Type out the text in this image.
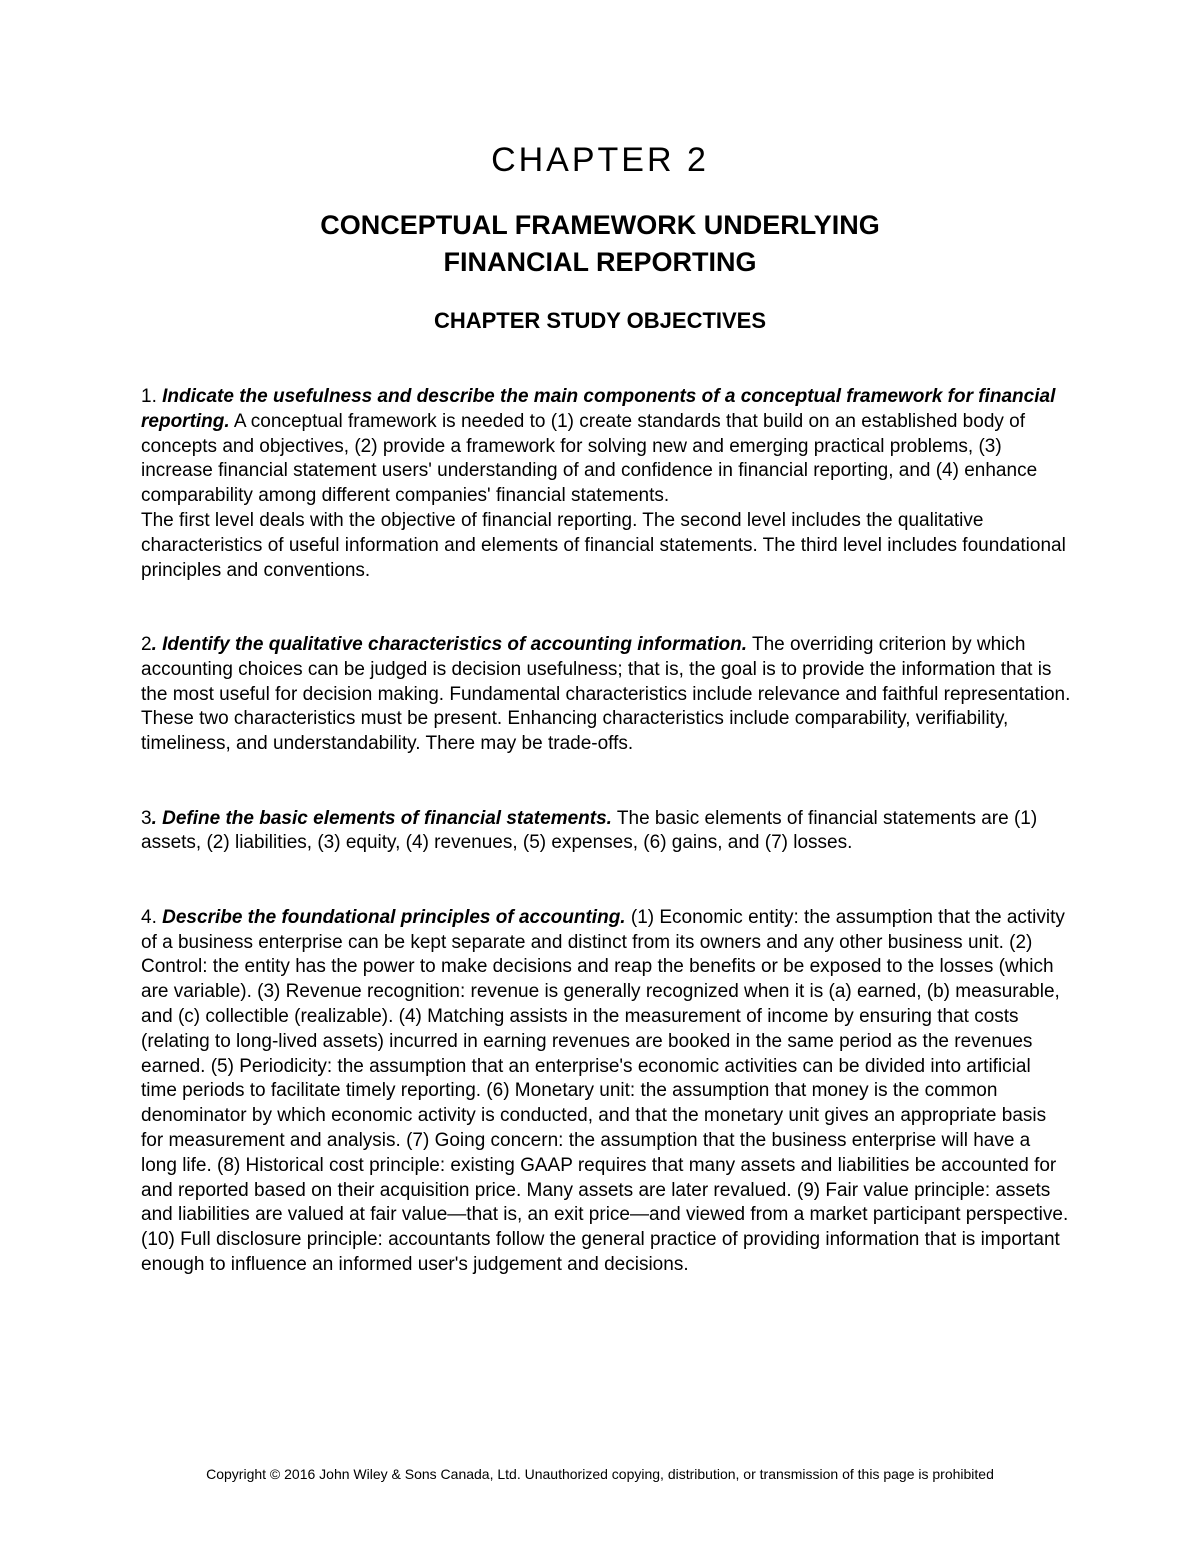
CHAPTER 2
CONCEPTUAL FRAMEWORK UNDERLYING
FINANCIAL REPORTING
CHAPTER STUDY OBJECTIVES

1. Indicate the usefulness and describe the main components of a conceptual framework for financial reporting. A conceptual framework is needed to (1) create standards that build on an established body of concepts and objectives, (2) provide a framework for solving new and emerging practical problems, (3) increase financial statement users' understanding of and confidence in financial reporting, and (4) enhance comparability among different companies' financial statements.

The first level deals with the objective of financial reporting. The second level includes the qualitative characteristics of useful information and elements of financial statements. The third level includes foundational principles and conventions.

2. Identify the qualitative characteristics of accounting information. The overriding criterion by which accounting choices can be judged is decision usefulness; that is, the goal is to provide the information that is the most useful for decision making. Fundamental characteristics include relevance and faithful representation. These two characteristics must be present. Enhancing characteristics include comparability, verifiability, timeliness, and understandability. There may be trade-offs.

3. Define the basic elements of financial statements. The basic elements of financial statements are (1) assets, (2) liabilities, (3) equity, (4) revenues, (5) expenses, (6) gains, and (7) losses.

4. Describe the foundational principles of accounting. (1) Economic entity: the assumption that the activity of a business enterprise can be kept separate and distinct from its owners and any other business unit. (2) Control: the entity has the power to make decisions and reap the benefits or be exposed to the losses (which are variable). (3) Revenue recognition: revenue is generally recognized when it is (a) earned, (b) measurable, and (c) collectible (realizable). (4) Matching assists in the measurement of income by ensuring that costs (relating to long-lived assets) incurred in earning revenues are booked in the same period as the revenues earned. (5) Periodicity: the assumption that an enterprise's economic activities can be divided into artificial time periods to facilitate timely reporting. (6) Monetary unit: the assumption that money is the common denominator by which economic activity is conducted, and that the monetary unit gives an appropriate basis for measurement and analysis. (7) Going concern: the assumption that the business enterprise will have a long life. (8) Historical cost principle: existing GAAP requires that many assets and liabilities be accounted for and reported based on their acquisition price. Many assets are later revalued. (9) Fair value principle: assets and liabilities are valued at fair value—that is, an exit price—and viewed from a market participant perspective. (10) Full disclosure principle: accountants follow the general practice of providing information that is important enough to influence an informed user's judgement and decisions.

Copyright © 2016 John Wiley & Sons Canada, Ltd. Unauthorized copying, distribution, or transmission of this page is prohibited
